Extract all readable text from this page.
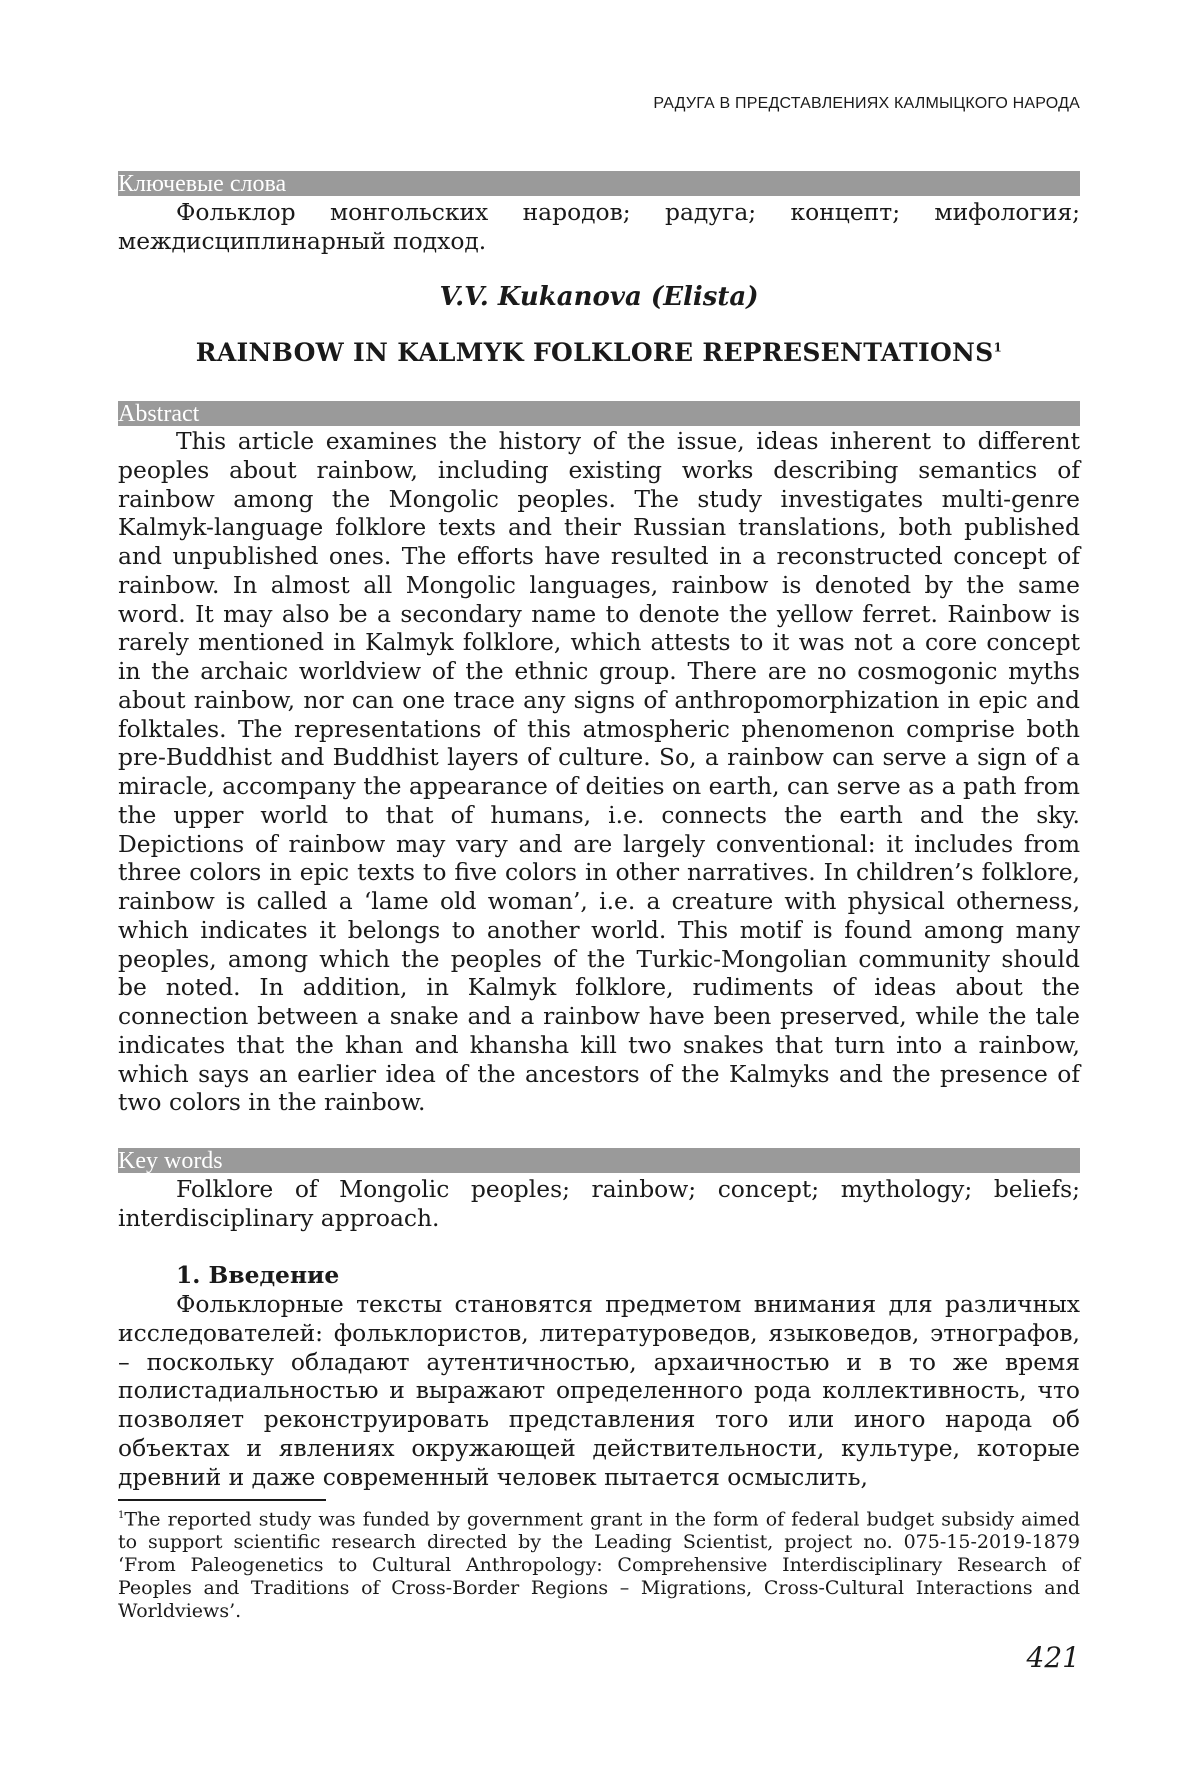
РАДУГА В ПРЕДСТАВЛЕНИЯХ КАЛМЫЦКОГО НАРОДА
Ключевые слова
Фольклор монгольских народов; радуга; концепт; мифология; междисциплинарный подход.
V.V. Kukanova (Elista)
RAINBOW IN KALMYK FOLKLORE REPRESENTATIONS$^1$
Abstract
This article examines the history of the issue, ideas inherent to different peoples about rainbow, including existing works describing semantics of rainbow among the Mongolic peoples. The study investigates multi-genre Kalmyk-language folklore texts and their Russian translations, both published and unpublished ones. The efforts have resulted in a reconstructed concept of rainbow. In almost all Mongolic languages, rainbow is denoted by the same word. It may also be a secondary name to denote the yellow ferret. Rainbow is rarely mentioned in Kalmyk folklore, which attests to it was not a core concept in the archaic worldview of the ethnic group. There are no cosmogonic myths about rainbow, nor can one trace any signs of anthropomorphization in epic and folktales. The representations of this atmospheric phenomenon comprise both pre-Buddhist and Buddhist layers of culture. So, a rainbow can serve a sign of a miracle, accompany the appearance of deities on earth, can serve as a path from the upper world to that of humans, i.e. connects the earth and the sky. Depictions of rainbow may vary and are largely conventional: it includes from three colors in epic texts to five colors in other narratives. In children’s folklore, rainbow is called a ‘lame old woman’, i.e. a creature with physical otherness, which indicates it belongs to another world. This motif is found among many peoples, among which the peoples of the Turkic-Mongolian community should be noted. In addition, in Kalmyk folklore, rudiments of ideas about the connection between a snake and a rainbow have been preserved, while the tale indicates that the khan and khansha kill two snakes that turn into a rainbow, which says an earlier idea of the ancestors of the Kalmyks and the presence of two colors in the rainbow.
Key words
Folklore of Mongolic peoples; rainbow; concept; mythology; beliefs; interdisciplinary approach.
1. Введение
Фольклорные тексты становятся предметом внимания для различных исследователей: фольклористов, литературоведов, языковедов, этнографов, – поскольку обладают аутентичностью, архаичностью и в то же время полистадиальностью и выражают определенного рода коллективность, что позволяет реконструировать представления того или иного народа об объектах и явлениях окружающей действительности, культуре, которые древний и даже современный человек пытается осмыслить,
$^1$The reported study was funded by government grant in the form of federal budget subsidy aimed to support scientific research directed by the Leading Scientist, project no. 075-15-2019-1879 ‘From Paleogenetics to Cultural Anthropology: Comprehensive Interdisciplinary Research of Peoples and Traditions of Cross-Border Regions – Migrations, Cross-Cultural Interactions and Worldviews’.
421
